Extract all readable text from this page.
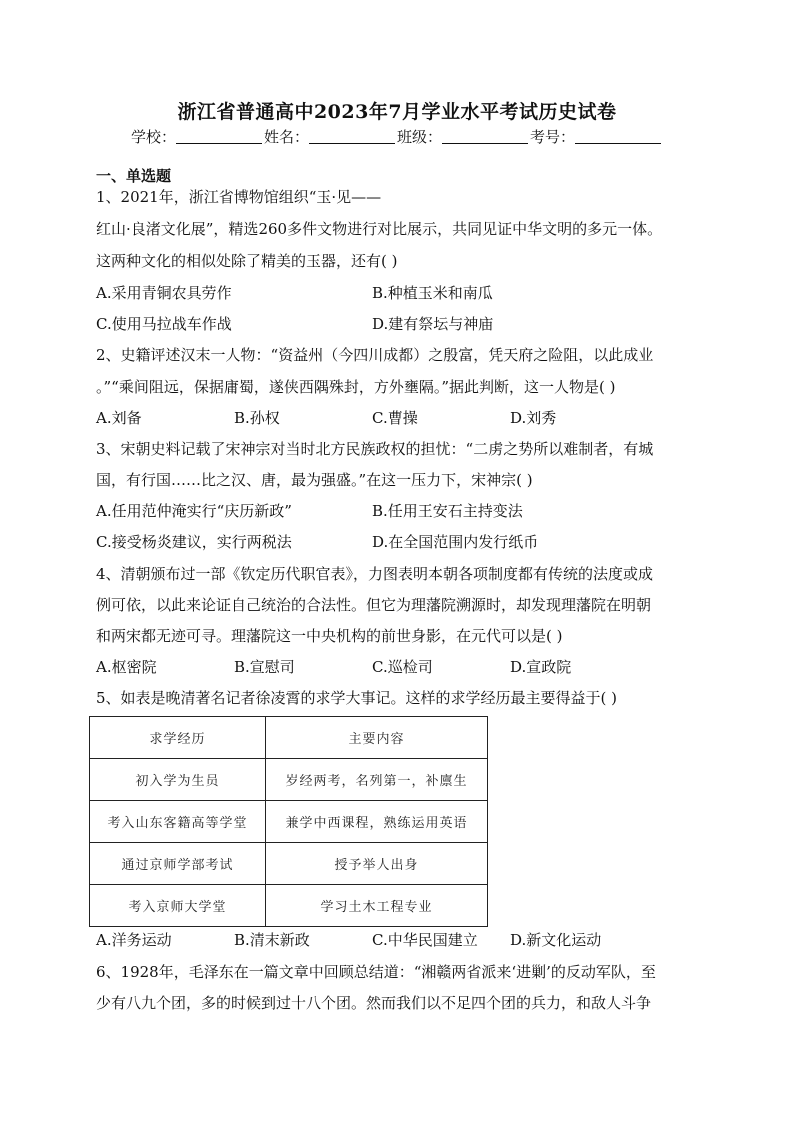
浙江省普通高中2023年7月学业水平考试历史试卷
学校：	姓名：	班级：	考号：
一、单选题
1、2021年，浙江省博物馆组织“玉·见——
红山·良渚文化展”，精选260多件文物进行对比展示，共同见证中华文明的多元一体。
这两种文化的相似处除了精美的玉器，还有( )
A.采用青铜农具劳作	B.种植玉米和南瓜
C.使用马拉战车作战	D.建有祭坛与神庙
2、史籍评述汉末一人物：“资益州（今四川成都）之殷富，凭天府之险阻，以此成业
。”“乘间阻远，保据庸蜀，遂侠西隅殊封，方外壅隔。”据此判断，这一人物是( )
A.刘备	B.孙权	C.曹操	D.刘秀
3、宋朝史料记载了宋神宗对当时北方民族政权的担忧：“二虏之势所以难制者，有城
国，有行国……比之汉、唐，最为强盛。”在这一压力下，宋神宗( )
A.任用范仲淹实行“庆历新政”	B.任用王安石主持变法
C.接受杨炎建议，实行两税法	D.在全国范围内发行纸币
4、清朝颁布过一部《钦定历代职官表》，力图表明本朝各项制度都有传统的法度或成
例可依，以此来论证自己统治的合法性。但它为理藩院溯源时，却发现理藩院在明朝
和两宋都无迹可寻。理藩院这一中央机构的前世身影，在元代可以是( )
A.枢密院	B.宣慰司	C.巡检司	D.宣政院
5、如表是晚清著名记者徐凌霄的求学大事记。这样的求学经历最主要得益于( )
求学经历	主要内容
初入学为生员	岁经两考，名列第一，补廪生
考入山东客籍高等学堂	兼学中西课程，熟练运用英语
通过京师学部考试	授予举人出身
考入京师大学堂	学习土木工程专业
A.洋务运动	B.清末新政	C.中华民国建立 D.新文化运动
6、1928年，毛泽东在一篇文章中回顾总结道：“湘赣两省派来‘进剿’的反动军队，至
少有八九个团，多的时候到过十八个团。然而我们以不足四个团的兵力，和敌人斗争
